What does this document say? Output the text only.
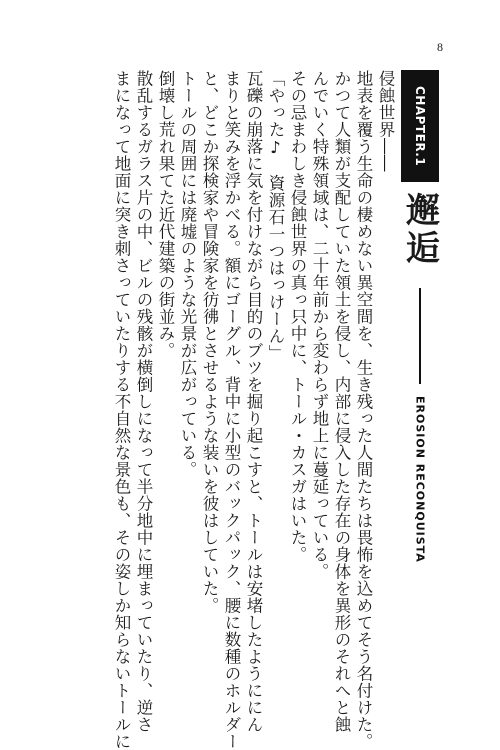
8
CHAPTER.1
邂逅
EROSION RECONQUISTA
侵蝕世界――
地表を覆う生命の棲めない異空間を、生き残った人間たちは畏怖を込めてそう名付けた。
かつて人類が支配していた領土を侵し、内部に侵入した存在の身体を異形のそれへと蝕
んでいく特殊領域は、二十年前から変わらず地上に蔓延っている。
その忌まわしき侵蝕世界の真っ只中に、トール・カスガはいた。
「やった♪　資源石一つはっけーん」
瓦礫の崩落に気を付けながら目的のブツを掘り起こすと、トールは安堵したようににん
まりと笑みを浮かべる。額にゴーグル、背中に小型のバックパック、腰に数種のホルダー
と、どこか探検家や冒険家を彷彿とさせるような装いを彼はしていた。
トールの周囲には廃墟のような光景が広がっている。
倒壊し荒れ果てた近代建築の街並み。
散乱するガラス片の中、ビルの残骸が横倒しになって半分地中に埋まっていたり、逆さ
まになって地面に突き刺さっていたりする不自然な景色も、その姿しか知らないトールに
